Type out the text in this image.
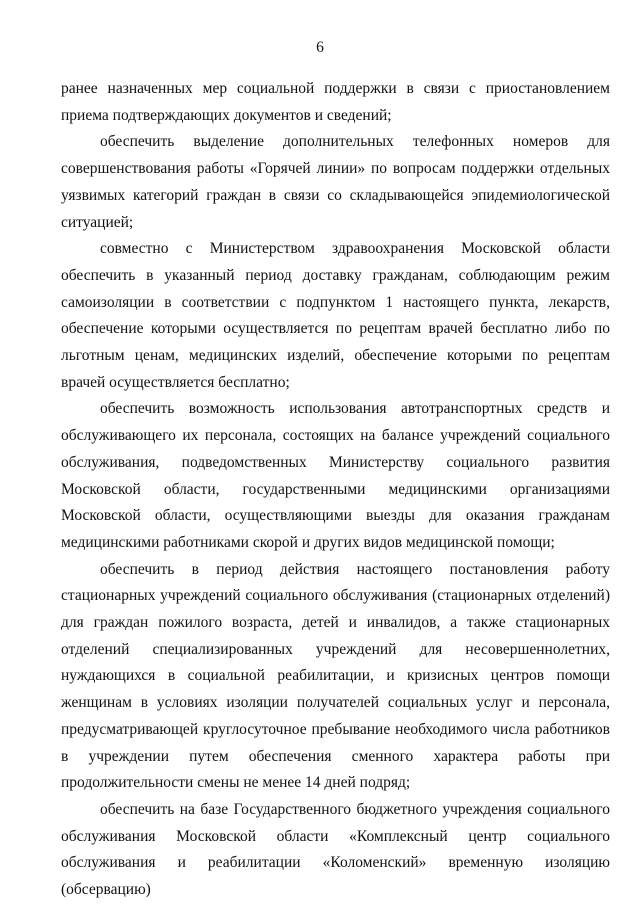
6

ранее назначенных мер социальной поддержки в связи с приостановлением приема подтверждающих документов и сведений;

обеспечить выделение дополнительных телефонных номеров для совершенствования работы «Горячей линии» по вопросам поддержки отдельных уязвимых категорий граждан в связи со складывающейся эпидемиологической ситуацией;

совместно с Министерством здравоохранения Московской области обеспечить в указанный период доставку гражданам, соблюдающим режим самоизоляции в соответствии с подпунктом 1 настоящего пункта, лекарств, обеспечение которыми осуществляется по рецептам врачей бесплатно либо по льготным ценам, медицинских изделий, обеспечение которыми по рецептам врачей осуществляется бесплатно;

обеспечить возможность использования автотранспортных средств и обслуживающего их персонала, состоящих на балансе учреждений социального обслуживания, подведомственных Министерству социального развития Московской области, государственными медицинскими организациями Московской области, осуществляющими выезды для оказания гражданам медицинскими работниками скорой и других видов медицинской помощи;

обеспечить в период действия настоящего постановления работу стационарных учреждений социального обслуживания (стационарных отделений) для граждан пожилого возраста, детей и инвалидов, а также стационарных отделений специализированных учреждений для несовершеннолетних, нуждающихся в социальной реабилитации, и кризисных центров помощи женщинам в условиях изоляции получателей социальных услуг и персонала, предусматривающей круглосуточное пребывание необходимого числа работников в учреждении путем обеспечения сменного характера работы при продолжительности смены не менее 14 дней подряд;

обеспечить на базе Государственного бюджетного учреждения социального обслуживания Московской области «Комплексный центр социального обслуживания и реабилитации «Коломенский» временную изоляцию (обсервацию)
